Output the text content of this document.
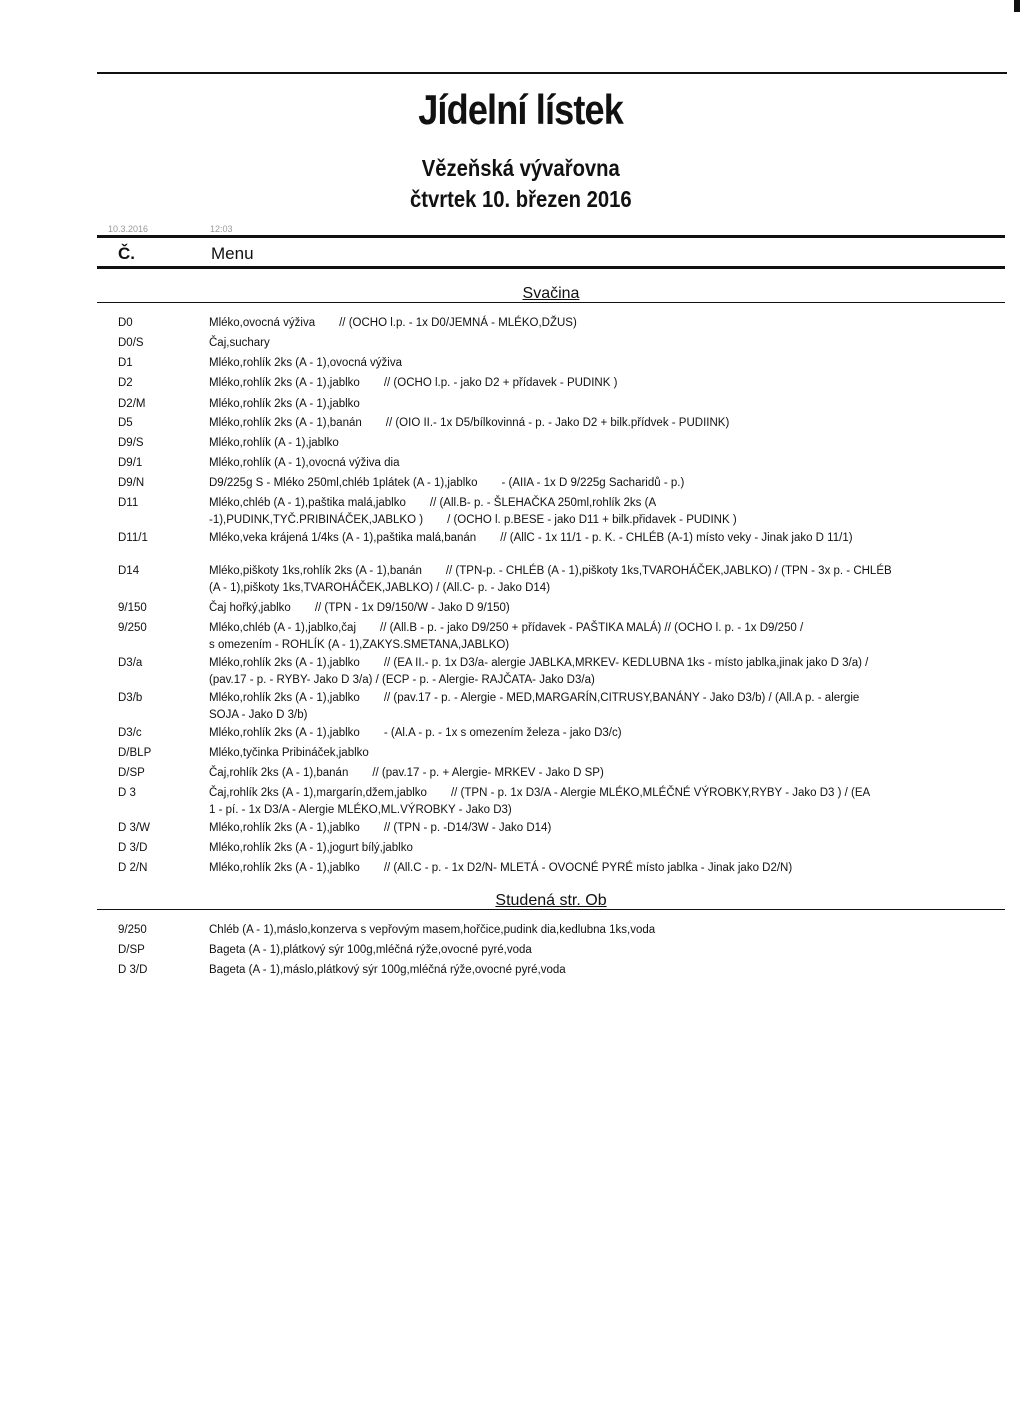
Jídelní lístek
Vězeňská vývařovna
čtvrtek 10. březen 2016
10.3.2016	12:03
Č.	Menu
Svačina
D0	Mléko,ovocná výživa // (OCHO l.p. - 1x D0/JEMNÁ - MLÉKO,DŽUS)
D0/S	Čaj,suchary
D1	Mléko,rohlík 2ks (A - 1),ovocná výživa
D2	Mléko,rohlík 2ks (A - 1),jablko // (OCHO l.p. - jako D2 + přídavek - PUDINK )
D2/M	Mléko,rohlík 2ks (A - 1),jablko
D5	Mléko,rohlík 2ks (A - 1),banán // (OIO II.- 1x D5/bílkovinná - p. - Jako D2 + bilk.přídvek - PUDIINK)
D9/S	Mléko,rohlík (A - 1),jablko
D9/1	Mléko,rohlík (A - 1),ovocná výživa dia
D9/N	D9/225g S - Mléko 250ml,chléb 1plátek (A - 1),jablko - (AIIA - 1x D 9/225g Sacharidů - p.)
D11	Mléko,chléb (A - 1),paštika malá,jablko // (All.B- p. - ŠLEHAČKA 250ml,rohlík 2ks (A
-1),PUDINK,TYČ.PRIBINÁČEK,JABLKO ) / (OCHO l. p.BESE - jako D11 + bilk.přidavek - PUDINK )
D11/1	Mléko,veka krájená 1/4ks (A - 1),paštika malá,banán // (AllC - 1x 11/1 - p. K. - CHLÉB (A-1) místo veky - Jinak jako D 11/1)
D14	Mléko,piškoty 1ks,rohlík 2ks (A - 1),banán // (TPN-p. - CHLÉB (A - 1),piškoty 1ks,TVAROHÁČEK,JABLKO) / (TPN - 3x p. - CHLÉB
(A - 1),piškoty 1ks,TVAROHÁČEK,JABLKO) / (All.C- p. - Jako D14)
9/150	Čaj hořký,jablko // (TPN - 1x D9/150/W - Jako D 9/150)
9/250	Mléko,chléb (A - 1),jablko,čaj // (All.B - p. - jako D9/250 + přídavek - PAŠTIKA MALÁ) // (OCHO l. p. - 1x D9/250 /
s omezením - ROHLÍK (A - 1),ZAKYS.SMETANA,JABLKO)
D3/a	Mléko,rohlík 2ks (A - 1),jablko // (EA II.- p. 1x D3/a- alergie JABLKA,MRKEV- KEDLUBNA 1ks - místo jablka,jinak jako D 3/a) /
(pav.17 - p. - RYBY- Jako D 3/a) / (ECP - p. - Alergie- RAJČATA- Jako D3/a)
D3/b	Mléko,rohlík 2ks (A - 1),jablko // (pav.17 - p. - Alergie - MED,MARGARÍN,CITRUSY,BANÁNY - Jako D3/b) / (All.A p. - alergie
SOJA - Jako D 3/b)
D3/c	Mléko,rohlík 2ks (A - 1),jablko - (Al.A - p. - 1x s omezením železa - jako D3/c)
D/BLP	Mléko,tyčinka Pribináček,jablko
D/SP	Čaj,rohlík 2ks (A - 1),banán // (pav.17 - p. + Alergie- MRKEV - Jako D SP)
D 3	Čaj,rohlík 2ks (A - 1),margarín,džem,jablko // (TPN - p. 1x D3/A - Alergie MLÉKO,MLÉČNÉ VÝROBKY,RYBY - Jako D3 ) / (EA
1 - pí. - 1x D3/A - Alergie MLÉKO,ML.VÝROBKY - Jako D3)
D 3/W	Mléko,rohlík 2ks (A - 1),jablko // (TPN - p. -D14/3W - Jako D14)
D 3/D	Mléko,rohlík 2ks (A - 1),jogurt bílý,jablko
D 2/N	Mléko,rohlík 2ks (A - 1),jablko // (All.C - p. - 1x D2/N- MLETÁ - OVOCNÉ PYRÉ místo jablka - Jinak jako D2/N)
Studená str. Ob
9/250	Chléb (A - 1),máslo,konzerva s vepřovým masem,hořčice,pudink dia,kedlubna 1ks,voda
D/SP	Bageta (A - 1),plátkový sýr 100g,mléčná rýže,ovocné pyré,voda
D 3/D	Bageta (A - 1),máslo,plátkový sýr 100g,mléčná rýže,ovocné pyré,voda
